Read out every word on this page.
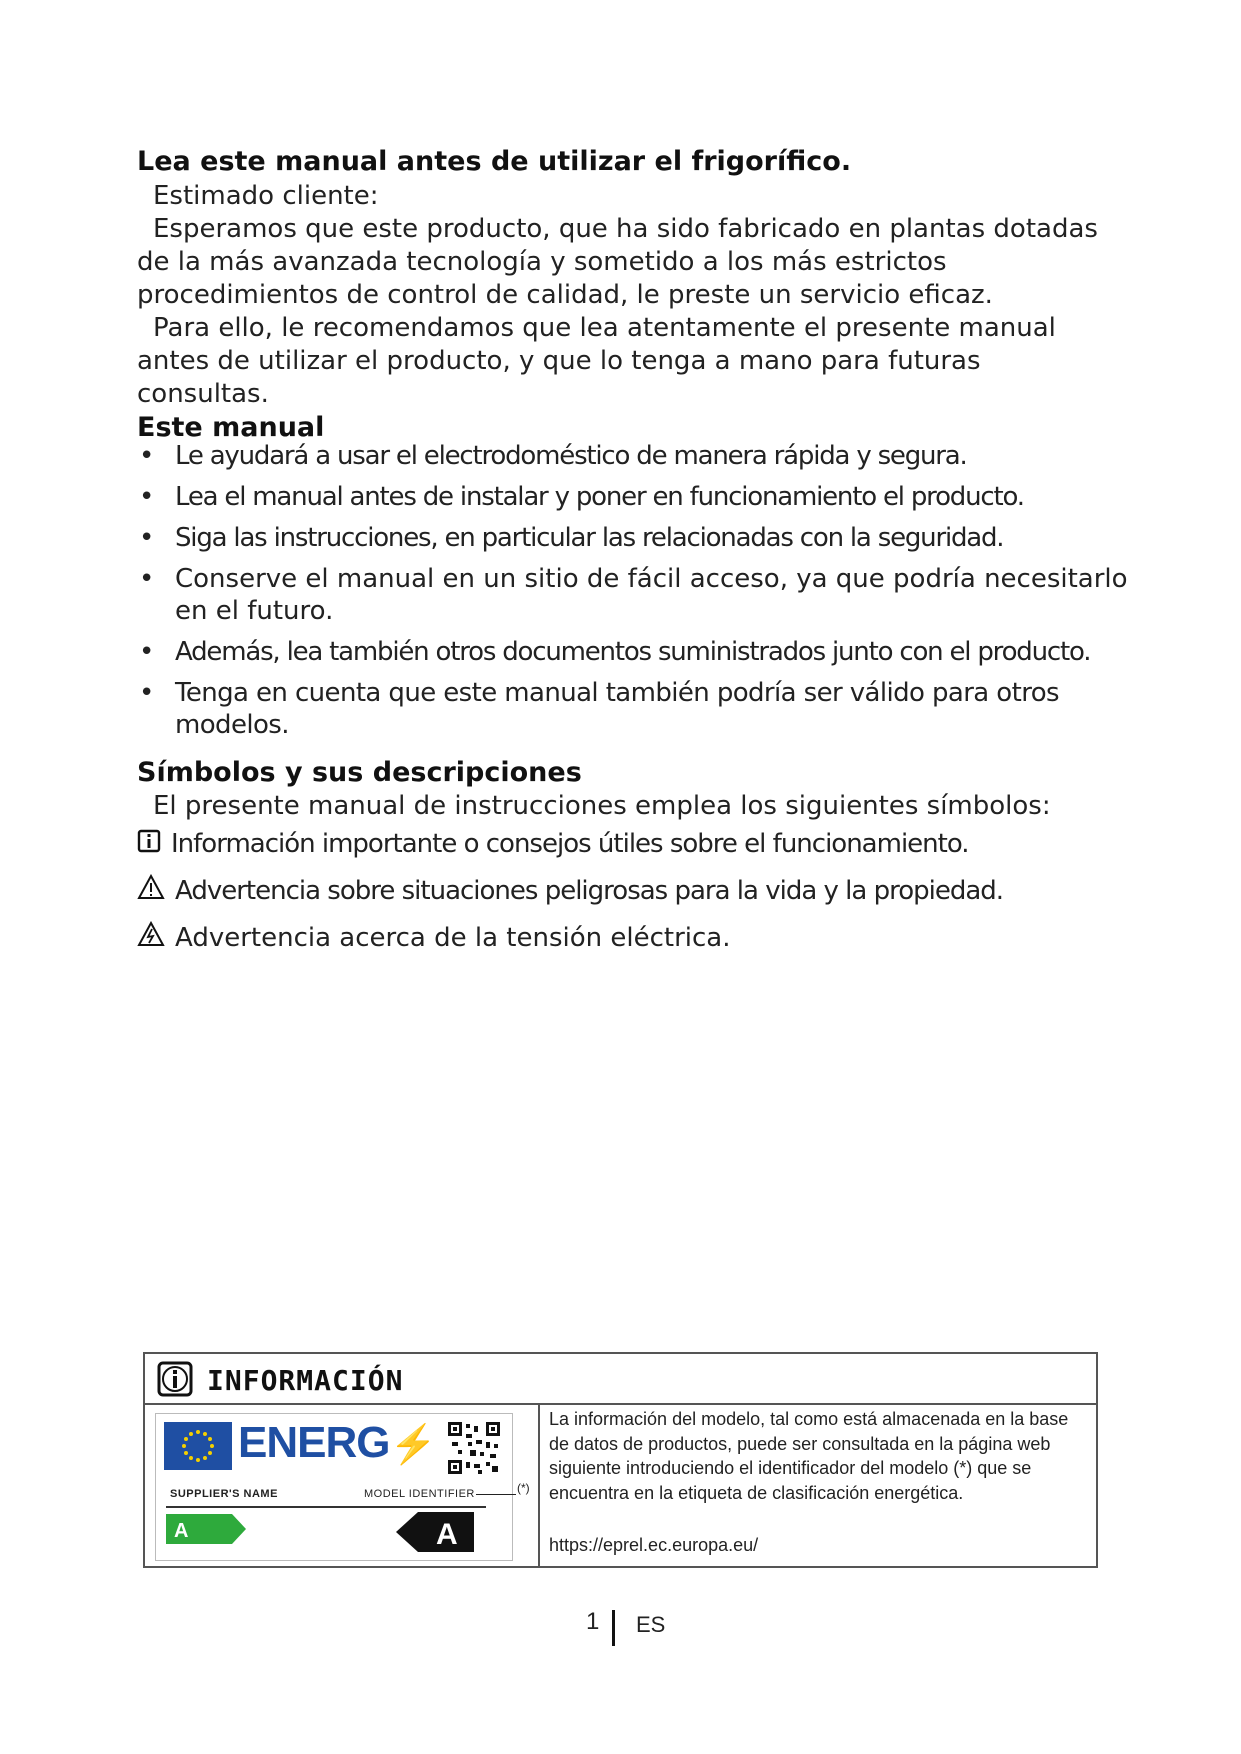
Lea este manual antes de utilizar el frigorífico.
Estimado cliente:
Esperamos que este producto, que ha sido fabricado en plantas dotadas de la más avanzada tecnología y sometido a los más estrictos procedimientos de control de calidad, le preste un servicio eficaz.
Para ello, le recomendamos que lea atentamente el presente manual antes de utilizar el producto, y que lo tenga a mano para futuras consultas.
Este manual
• Le ayudará a usar el electrodoméstico de manera rápida y segura.
• Lea el manual antes de instalar y poner en funcionamiento el producto.
• Siga las instrucciones, en particular las relacionadas con la seguridad.
• Conserve el manual en un sitio de fácil acceso, ya que podría necesitarlo en el futuro.
• Además, lea también otros documentos suministrados junto con el producto.
• Tenga en cuenta que este manual también podría ser válido para otros modelos.
Símbolos y sus descripciones
El presente manual de instrucciones emplea los siguientes símbolos:
Información importante o consejos útiles sobre el funcionamiento.
Advertencia sobre situaciones peligrosas para la vida y la propiedad.
Advertencia acerca de la tensión eléctrica.
INFORMACIÓN
ENERG⚡
SUPPLIER'S NAME	MODEL IDENTIFIER
A	A
(*)
La información del modelo, tal como está almacenada en la base de datos de productos, puede ser consultada en la página web siguiente introduciendo el identificador del modelo (*) que se encuentra en la etiqueta de clasificación energética.
https://eprel.ec.europa.eu/
1 ES
